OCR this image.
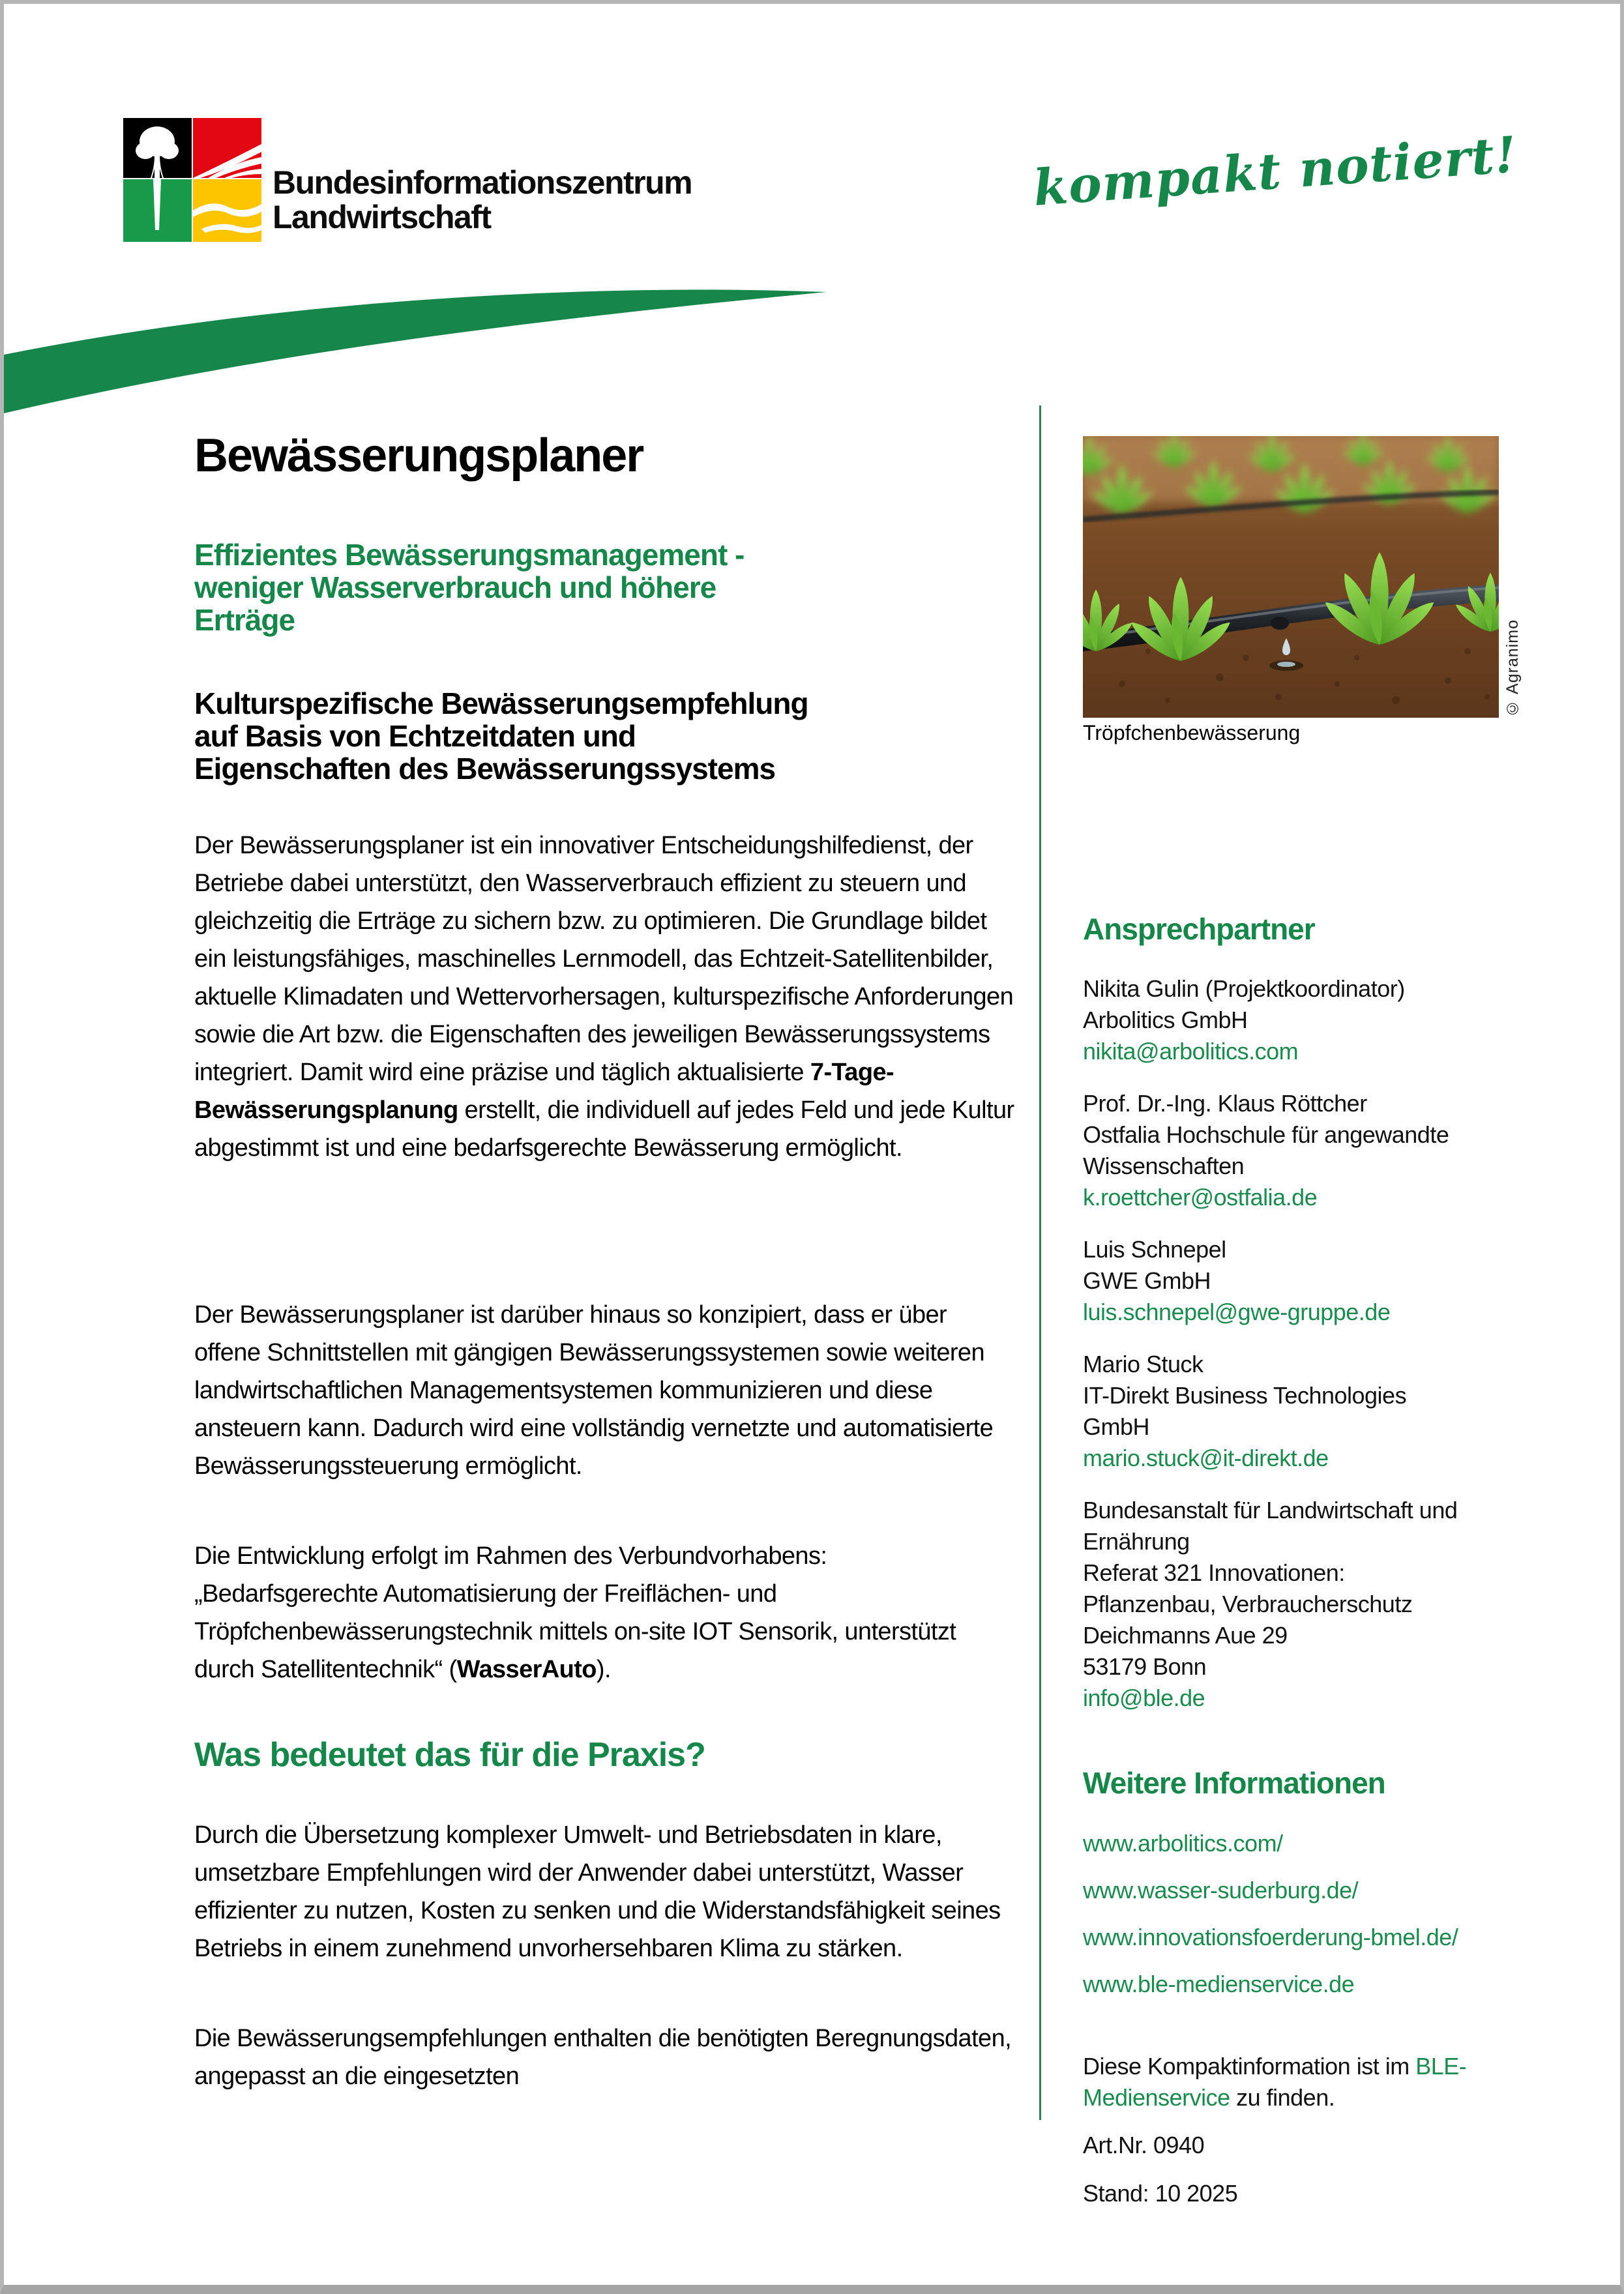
Bundesinformationszentrum
Landwirtschaft
kompakt notiert!
Bewässerungsplaner
Effizientes Bewässerungsmanagement -
weniger Wasserverbrauch und höhere
Erträge
Kulturspezifische Bewässerungsempfehlung
auf Basis von Echtzeitdaten und
Eigenschaften des Bewässerungssystems
Der Bewässerungsplaner ist ein innovativer Entscheidungshilfedienst, der Betriebe dabei unterstützt, den Wasserverbrauch effizient zu steuern und gleichzeitig die Erträge zu sichern bzw. zu optimieren. Die Grundlage bildet ein leistungsfähiges, maschinelles Lernmodell, das Echtzeit-Satellitenbilder, aktuelle Klimadaten und Wettervorhersagen, kulturspezifische Anforderungen sowie die Art bzw. die Eigenschaften des jeweiligen Bewässerungssystems integriert. Damit wird eine präzise und täglich aktualisierte 7-Tage-Bewässerungsplanung erstellt, die individuell auf jedes Feld und jede Kultur abgestimmt ist und eine bedarfsgerechte Bewässerung ermöglicht.
Der Bewässerungsplaner ist darüber hinaus so konzipiert, dass er über offene Schnittstellen mit gängigen Bewässerungssystemen sowie weiteren landwirtschaftlichen Managementsystemen kommunizieren und diese ansteuern kann. Dadurch wird eine vollständig vernetzte und automatisierte Bewässerungssteuerung ermöglicht.
Die Entwicklung erfolgt im Rahmen des Verbundvorhabens: „Bedarfsgerechte Automatisierung der Freiflächen- und Tröpfchenbewässerungstechnik mittels on-site IOT Sensorik, unterstützt durch Satellitentechnik“ (WasserAuto).
Was bedeutet das für die Praxis?
Durch die Übersetzung komplexer Umwelt- und Betriebsdaten in klare, umsetzbare Empfehlungen wird der Anwender dabei unterstützt, Wasser effizienter zu nutzen, Kosten zu senken und die Widerstandsfähigkeit seines Betriebs in einem zunehmend unvorhersehbaren Klima zu stärken.
Die Bewässerungsempfehlungen enthalten die benötigten Beregnungsdaten, angepasst an die eingesetzten
© Agranimo
Tröpfchenbewässerung
Ansprechpartner
Nikita Gulin (Projektkoordinator)
Arbolitics GmbH
nikita@arbolitics.com
Prof. Dr.-Ing. Klaus Röttcher
Ostfalia Hochschule für angewandte
Wissenschaften
k.roettcher@ostfalia.de
Luis Schnepel
GWE GmbH
luis.schnepel@gwe-gruppe.de
Mario Stuck
IT-Direkt Business Technologies
GmbH
mario.stuck@it-direkt.de
Bundesanstalt für Landwirtschaft und
Ernährung
Referat 321 Innovationen:
Pflanzenbau, Verbraucherschutz
Deichmanns Aue 29
53179 Bonn
info@ble.de
Weitere Informationen
www.arbolitics.com/
www.wasser-suderburg.de/
www.innovationsfoerderung-bmel.de/
www.ble-medienservice.de
Diese Kompaktinformation ist im BLE-Medienservice zu finden.
Art.Nr. 0940
Stand: 10 2025
